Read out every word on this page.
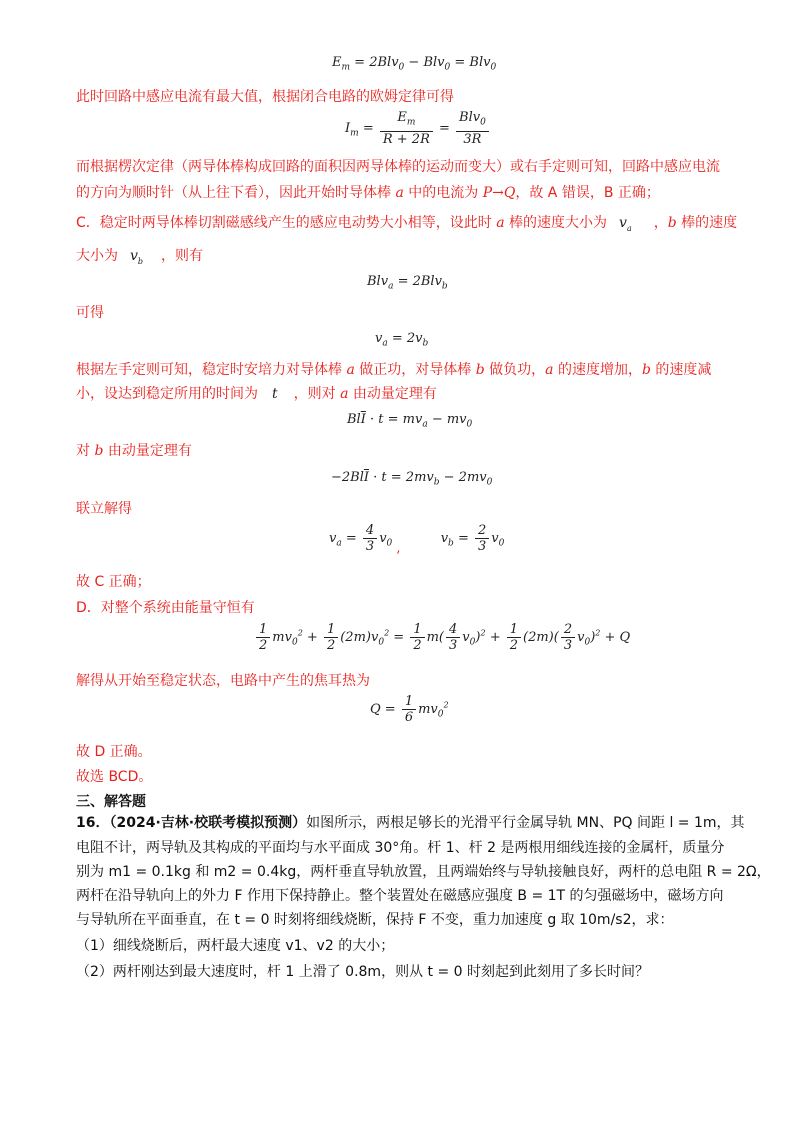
$E_m = 2Blv_0 - Blv_0 = Blv_0$
此时回路中感应电流有最大值，根据闭合电路的欧姆定律可得
$I_m = \frac{E_m}{R + 2R} = \frac{Blv_0}{3R}$
而根据楞次定律（两导体棒构成回路的面积因两导体棒的运动而变大）或右手定则可知，回路中感应电流
的方向为顺时针（从上往下看），因此开始时导体棒 a 中的电流为 P→Q，故 A 错误，B 正确；
C．稳定时两导体棒切割磁感线产生的感应电动势大小相等，设此时 a 棒的速度大小为 $v_a$ ，b 棒的速度
大小为 $v_b$ ，则有
Blv$_a$ = 2Blv$_b$
可得
$v_a = 2v_b$
根据左手定则可知，稳定时安培力对导体棒 a 做正功，对导体棒 b 做负功，a 的速度增加，b 的速度减
小，设达到稳定所用的时间为 t ，则对 a 由动量定理有
$Bl\overline{I} \cdot t = mv_a - mv_0$
对 b 由动量定理有
$-2Bl\overline{I} \cdot t = 2mv_b - 2mv_0$
联立解得
$v_a = \frac{4}{3} v_0$ ,  $v_b = \frac{2}{3} v_0$
故 C 正确；
D．对整个系统由能量守恒有
$\frac{1}{2} mv_0^2 + \frac{1}{2} (2m)v_0^2 = \frac{1}{2} m( \frac{4}{3} v_0)^2 + \frac{1}{2} (2m)( \frac{2}{3} v_0)^2 + Q$
解得从开始至稳定状态，电路中产生的焦耳热为
$Q = \frac{1}{6} mv_0^2$
故 D 正确。
故选 BCD。
三、解答题
16．（2024·吉林·校联考模拟预测）如图所示，两根足够长的光滑平行金属导轨 MN、PQ 间距 l = 1m，其
电阻不计，两导轨及其构成的平面均与水平面成 30°角。杆 1、杆 2 是两根用细线连接的金属杆，质量分
别为 m1 = 0.1kg 和 m2 = 0.4kg，两杆垂直导轨放置，且两端始终与导轨接触良好，两杆的总电阻 R = 2Ω，
两杆在沿导轨向上的外力 F 作用下保持静止。整个装置处在磁感应强度 B = 1T 的匀强磁场中，磁场方向
与导轨所在平面垂直，在 t = 0 时刻将细线烧断，保持 F 不变，重力加速度 g 取 10m/s2，求：
（1）细线烧断后，两杆最大速度 v1、v2 的大小；
（2）两杆刚达到最大速度时，杆 1 上滑了 0.8m，则从 t = 0 时刻起到此刻用了多长时间？
